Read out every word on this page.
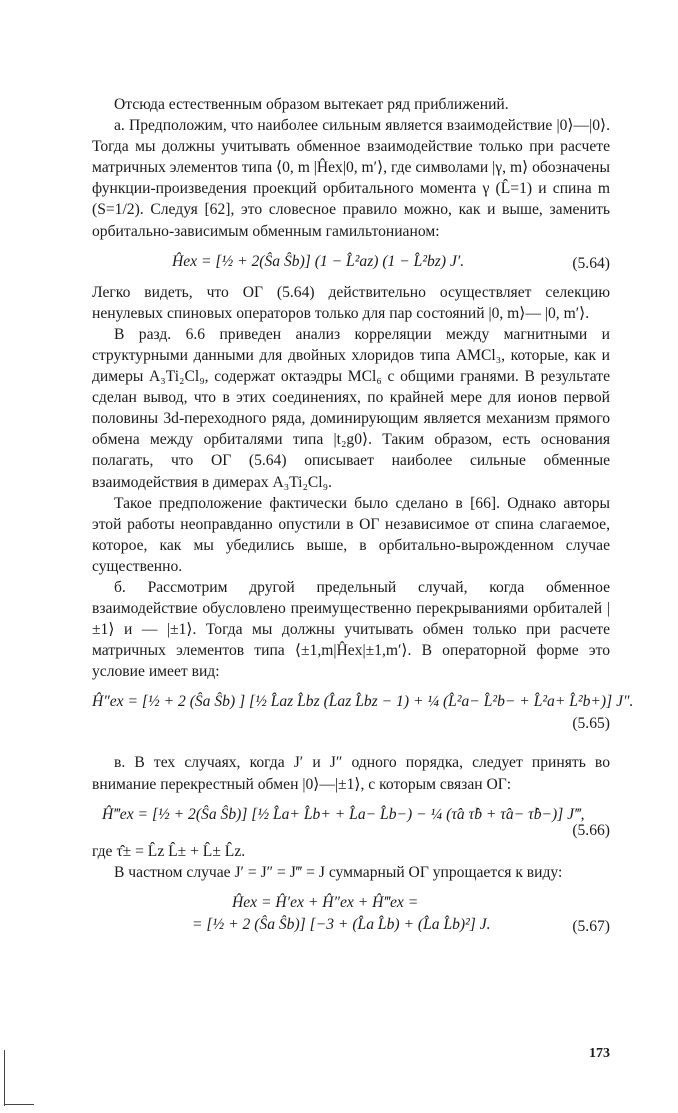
Отсюда естественным образом вытекает ряд приближений.

а. Предположим, что наиболее сильным является взаимодействие |0⟩—|0⟩. Тогда мы должны учитывать обменное взаимодействие только при расчете матричных элементов типа ⟨0, m |Ĥex|0, m′⟩, где символами |γ, m⟩ обозначены функции-произведения проекций орбитального момента γ (L̂=1) и спина m (S=1/2). Следуя [62], это словесное правило можно, как и выше, заменить орбитально-зависимым обменным гамильтонианом:

Ĥex = [½ + 2(Ŝa Ŝb)] (1 − L̂²az) (1 − L̂²bz) J′.	(5.64)

Легко видеть, что ОГ (5.64) действительно осуществляет селекцию ненулевых спиновых операторов только для пар состояний |0, m⟩— |0, m′⟩.

В разд. 6.6 приведен анализ корреляции между магнитными и структурными данными для двойных хлоридов типа AMCl₃, которые, как и димеры A₃Ti₂Cl₉, содержат октаэдры MCl₆ с общими гранями. В результате сделан вывод, что в этих соединениях, по крайней мере для ионов первой половины 3d-переходного ряда, доминирующим является механизм прямого обмена между орбиталями типа |t₂g0⟩. Таким образом, есть основания полагать, что ОГ (5.64) описывает наиболее сильные обменные взаимодействия в димерах A₃Ti₂Cl₉.

Такое предположение фактически было сделано в [66]. Однако авторы этой работы неоправданно опустили в ОГ независимое от спина слагаемое, которое, как мы убедились выше, в орбитально-вырожденном случае существенно.

б. Рассмотрим другой предельный случай, когда обменное взаимодействие обусловлено преимущественно перекрываниями орбиталей |±1⟩ и — |±1⟩. Тогда мы должны учитывать обмен только при расчете матричных элементов типа ⟨±1,m|Ĥex|±1,m′⟩. В операторной форме это условие имеет вид:

Ĥ″ex = [½ + 2 (Ŝa Ŝb) ] [½ L̂az L̂bz (L̂az L̂bz − 1) + ¼ (L̂²a− L̂²b− + L̂²a+ L̂²b+)] J″.
(5.65)

в. В тех случаях, когда J′ и J″ одного порядка, следует принять во внимание перекрестный обмен |0⟩—|±1⟩, с которым связан ОГ:

Ĥ‴ex = [½ + 2(Ŝa Ŝb)] [½ L̂a+ L̂b+ + L̂a− L̂b−) − ¼ (τ̂a τ̂b + τ̂a− τ̂b−)] J‴,
(5.66)

где τ̂± = L̂z L̂± + L̂± L̂z.

В частном случае J′ = J″ = J‴ = J суммарный ОГ упрощается к виду:

Ĥex = Ĥ′ex + Ĥ″ex + Ĥ‴ex =
= [½ + 2 (Ŝa Ŝb)] [−3 + (L̂a L̂b) + (L̂a L̂b)²] J.	(5.67)
173
